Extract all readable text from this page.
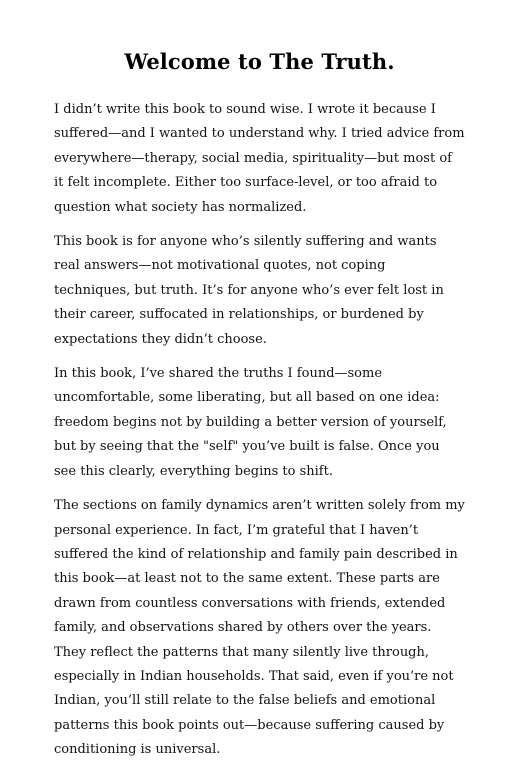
Welcome to The Truth.

I didn’t write this book to sound wise. I wrote it because I suffered—and I wanted to understand why. I tried advice from everywhere—therapy, social media, spirituality—but most of it felt incomplete. Either too surface-level, or too afraid to question what society has normalized.

This book is for anyone who’s silently suffering and wants real answers—not motivational quotes, not coping techniques, but truth. It’s for anyone who’s ever felt lost in their career, suffocated in relationships, or burdened by expectations they didn’t choose.

In this book, I’ve shared the truths I found—some uncomfortable, some liberating, but all based on one idea: freedom begins not by building a better version of yourself, but by seeing that the "self" you’ve built is false. Once you see this clearly, everything begins to shift.

The sections on family dynamics aren’t written solely from my personal experience. In fact, I’m grateful that I haven’t suffered the kind of relationship and family pain described in this book—at least not to the same extent. These parts are drawn from countless conversations with friends, extended family, and observations shared by others over the years. They reflect the patterns that many silently live through, especially in Indian households. That said, even if you’re not Indian, you’ll still relate to the false beliefs and emotional patterns this book points out—because suffering caused by conditioning is universal.
